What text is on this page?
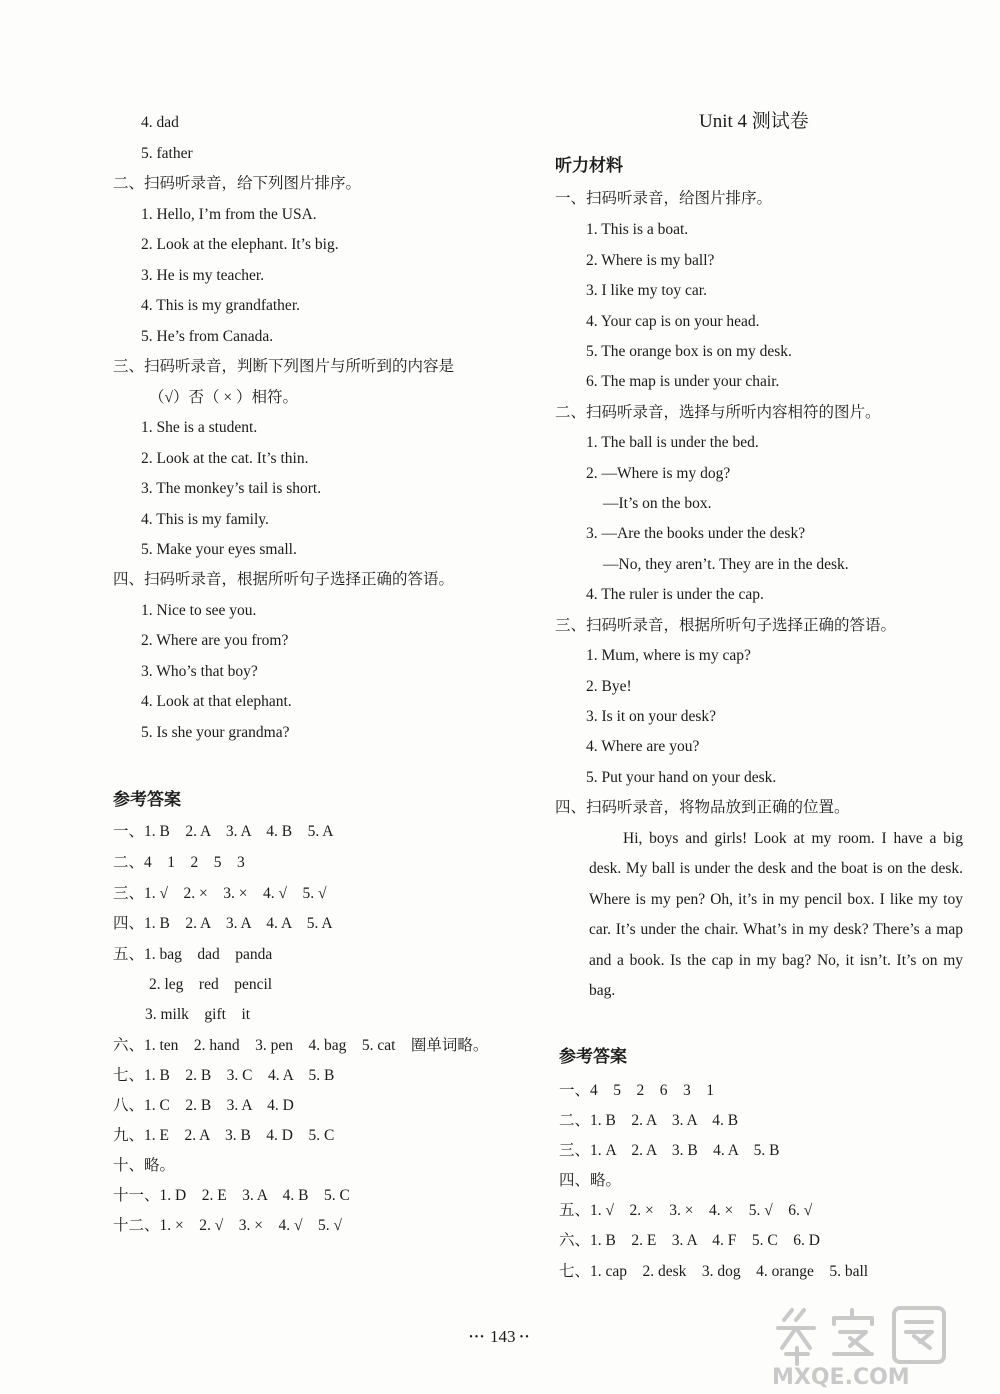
4. dad
5. father
二、扫码听录音，给下列图片排序。
1. Hello, I’m from the USA.
2. Look at the elephant. It’s big.
3. He is my teacher.
4. This is my grandfather.
5. He’s from Canada.
三、扫码听录音，判断下列图片与所听到的内容是
（√）否（ × ）相符。
1. She is a student.
2. Look at the cat. It’s thin.
3. The monkey’s tail is short.
4. This is my family.
5. Make your eyes small.
四、扫码听录音，根据所听句子选择正确的答语。
1. Nice to see you.
2. Where are you from?
3. Who’s that boy?
4. Look at that elephant.
5. Is she your grandma?
参考答案
一、1. B　2. A　3. A　4. B　5. A
二、4　1　2　5　3
三、1. √　2. ×　3. ×　4. √　5. √
四、1. B　2. A　3. A　4. A　5. A
五、1. bag　dad　panda
2. leg　red　pencil
3. milk　gift　it
六、1. ten　2. hand　3. pen　4. bag　5. cat　圈单词略。
七、1. B　2. B　3. C　4. A　5. B
八、1. C　2. B　3. A　4. D
九、1. E　2. A　3. B　4. D　5. C
十、略。
十一、1. D　2. E　3. A　4. B　5. C
十二、1. ×　2. √　3. ×　4. √　5. √
Unit 4 测试卷
听力材料
一、扫码听录音，给图片排序。
1. This is a boat.
2. Where is my ball?
3. I like my toy car.
4. Your cap is on your head.
5. The orange box is on my desk.
6. The map is under your chair.
二、扫码听录音，选择与所听内容相符的图片。
1. The ball is under the bed.
2. —Where is my dog?
—It’s on the box.
3. —Are the books under the desk?
—No, they aren’t. They are in the desk.
4. The ruler is under the cap.
三、扫码听录音，根据所听句子选择正确的答语。
1. Mum, where is my cap?
2. Bye!
3. Is it on your desk?
4. Where are you?
5. Put your hand on your desk.
四、扫码听录音，将物品放到正确的位置。
Hi, boys and girls! Look at my room. I have a big desk. My ball is under the desk and the boat is on the desk. Where is my pen? Oh, it’s in my pencil box. I like my toy car. It’s under the chair. What’s in my desk? There’s a map and a book. Is the cap in my bag? No, it isn’t. It’s on my bag.
参考答案
一、4　5　2　6　3　1
二、1. B　2. A　3. A　4. B
三、1. A　2. A　3. B　4. A　5. B
四、略。
五、1. √　2. ×　3. ×　4. ×　5. √　6. √
六、1. B　2. E　3. A　4. F　5. C　6. D
七、1. cap　2. desk　3. dog　4. orange　5. ball
••• 143 ••
MXQE.COM
